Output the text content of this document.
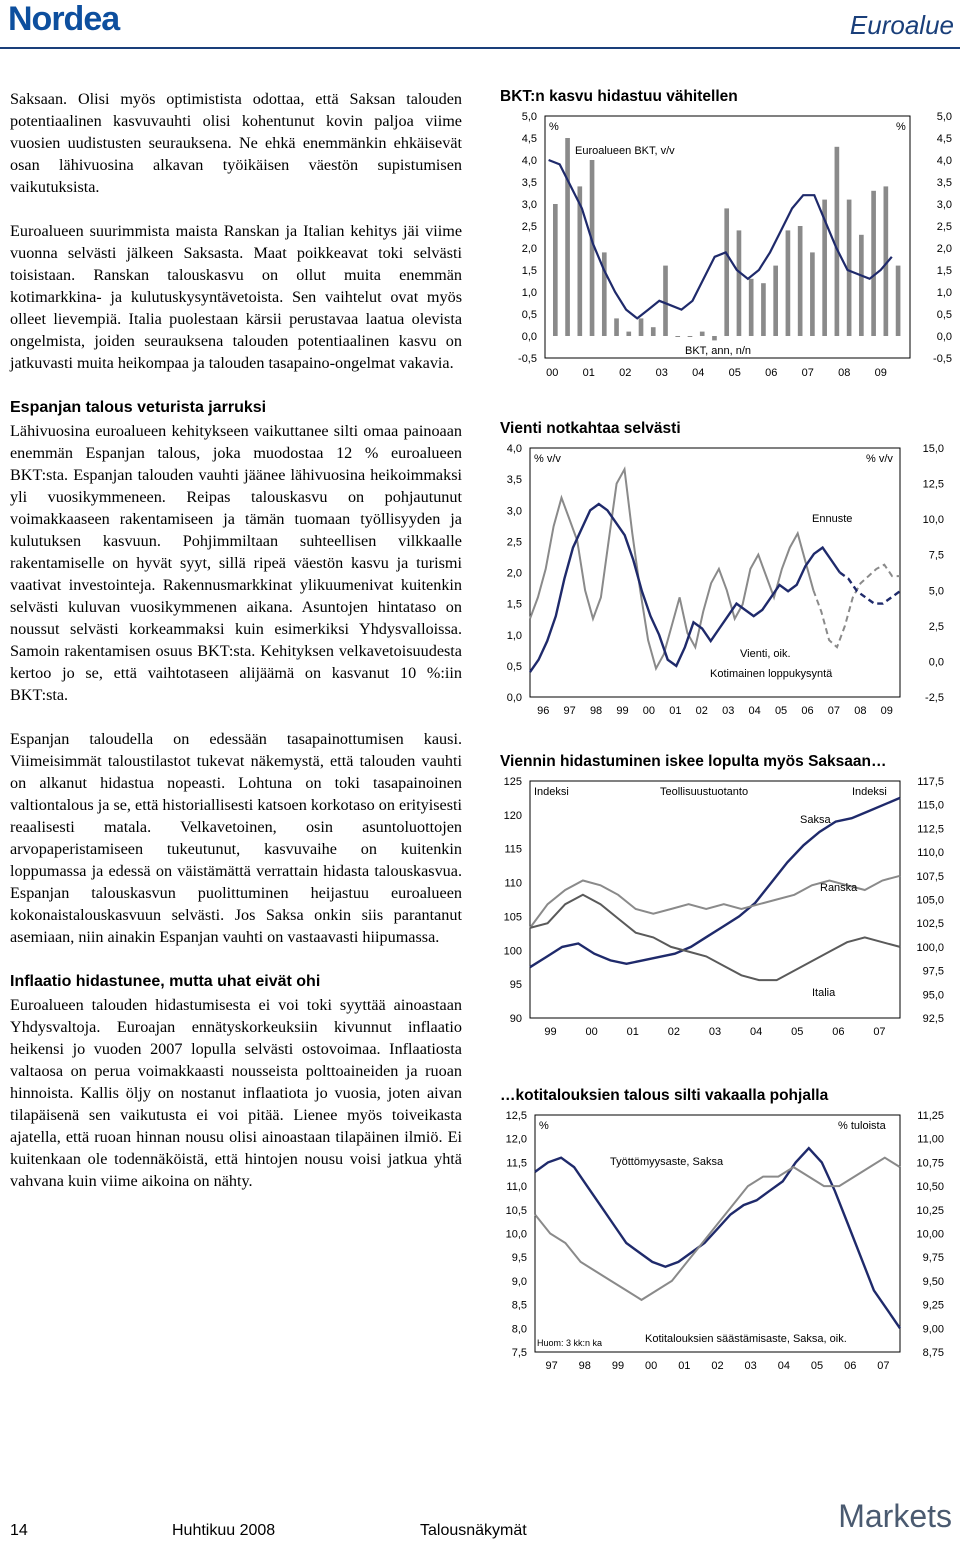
Nordea	Euroalue

Saksaan. Olisi myös optimistista odottaa, että Saksan talouden potentiaalinen kasvuvauhti olisi kohentunut kovin paljoa viime vuosien uudistusten seurauksena. Ne ehkä enemmänkin ehkäisevät osan lähivuosina alkavan työikäisen väestön supistumisen vaikutuksista.

Euroalueen suurimmista maista Ranskan ja Italian kehitys jäi viime vuonna selvästi jälkeen Saksasta. Maat poikkeavat toki selvästi toisistaan. Ranskan talouskasvu on ollut muita enemmän kotimarkkina- ja kulutuskysyntävetoista. Sen vaihtelut ovat myös olleet lievempiä. Italia puolestaan kärsii perustavaa laatua olevista ongelmista, joiden seurauksena talouden potentiaalinen kasvu on jatkuvasti muita heikompaa ja talouden tasapaino-ongelmat vakavia.

Espanjan talous veturista jarruksi

Lähivuosina euroalueen kehitykseen vaikuttanee silti omaa painoaan enemmän Espanjan talous, joka muodostaa 12 % euroalueen BKT:sta. Espanjan talouden vauhti jäänee lähivuosina heikoimmaksi yli vuosikymmeneen. Reipas talouskasvu on pohjautunut voimakkaaseen rakentamiseen ja tämän tuomaan työllisyyden ja kulutuksen kasvuun. Pohjimmiltaan suhteellisen vilkkaalle rakentamiselle on hyvät syyt, sillä ripeä väestön kasvu ja turismi vaativat investointeja. Rakennusmarkkinat ylikuumenivat kuitenkin selvästi kuluvan vuosikymmenen aikana. Asuntojen hintataso on noussut selvästi korkeammaksi kuin esimerkiksi Yhdysvalloissa. Samoin rakentamisen osuus BKT:sta. Kehityksen velkavetoisuudesta kertoo jo se, että vaihtotaseen alijäämä on kasvanut 10 %:iin BKT:sta.

Espanjan taloudella on edessään tasapainottumisen kausi. Viimeisimmät taloustilastot tukevat näkemystä, että talouden vauhti on alkanut hidastua nopeasti. Lohtuna on toki tasapainoinen valtiontalous ja se, että historiallisesti katsoen korkotaso on erityisesti reaalisesti matala. Velkavetoinen, osin asuntoluottojen arvopaperistamiseen tukeutunut, kasvuvaihe on kuitenkin loppumassa ja edessä on väistämättä verrattain hidasta talouskasvua. Espanjan talouskasvun puolittuminen heijastuu euroalueen kokonaistalouskasvuun selvästi. Jos Saksa onkin siis parantanut asemiaan, niin ainakin Espanjan vauhti on vastaavasti hiipumassa.

Inflaatio hidastunee, mutta uhat eivät ohi

Euroalueen talouden hidastumisesta ei voi toki syyttää ainoastaan Yhdysvaltoja. Euroajan ennätyskorkeuksiin kivunnut inflaatio heikensi jo vuoden 2007 lopulla selvästi ostovoimaa. Inflaatiosta valtaosa on perua voimakkaasti nousseista polttoaineiden ja ruoan hinnoista. Kallis öljy on nostanut inflaatiota jo vuosia, joten aivan tilapäisenä sen vaikutusta ei voi pitää. Lienee myös toiveikasta ajatella, että ruoan hinnan nousu olisi ainoastaan tilapäinen ilmiö. Ei kuitenkaan ole todennäköistä, että hintojen nousu voisi jatkua yhtä vahvana kuin viime aikoina on nähty.

BKT:n kasvu hidastuu vähitellen
5,0	5,0
4,5	4,5
4,0	4,0
3,5	3,5
3,0	3,0
2,5	2,5
2,0	2,0
1,5	1,5
1,0	1,0
0,5	0,5
0,0	0,0
-0,5	-0,5
00 01 02 03 04 05 06 07 08 09
%	%
Euroalueen BKT, v/v
BKT, ann, n/n
Vienti notkahtaa selvästi
4,0
3,5
3,0
2,5
2,0
1,5
1,0
0,5
0,0
15,0
12,5
10,0
7,5
5,0
2,5
0,0
-2,5
96 97 98 99 00 01 02 03 04 05 06 07 08 09
% v/v	% v/v
Ennuste
Vienti, oik.
Kotimainen loppukysyntä
Viennin hidastuminen iskee lopulta myös Saksaan…
125
120
115
110
105
100
95
90
117,5
115,0
112,5
110,0
107,5
105,0
102,5
100,0
97,5
95,0
92,5
99	00	01	02	03	04	05	06	07
Indeksi	Indeksi
Teollisuustuotanto
Saksa
Ranska
Italia
…kotitalouksien talous silti vakaalla pohjalla
12,5
12,0
11,5
11,0
10,5
10,0
9,5
9,0
8,5
8,0
7,5
11,25
11,00
10,75
10,50
10,25
10,00
9,75
9,50
9,25
9,00
8,75
97 98 99 00 01 02 03 04 05 06 07
%	% tuloista
Työttömyysaste, Saksa
Kotitalouksien säästämisaste, Saksa, oik.
Huom: 3 kk:n ka
14	Huhtikuu 2008	Talousnäkymät	Markets
